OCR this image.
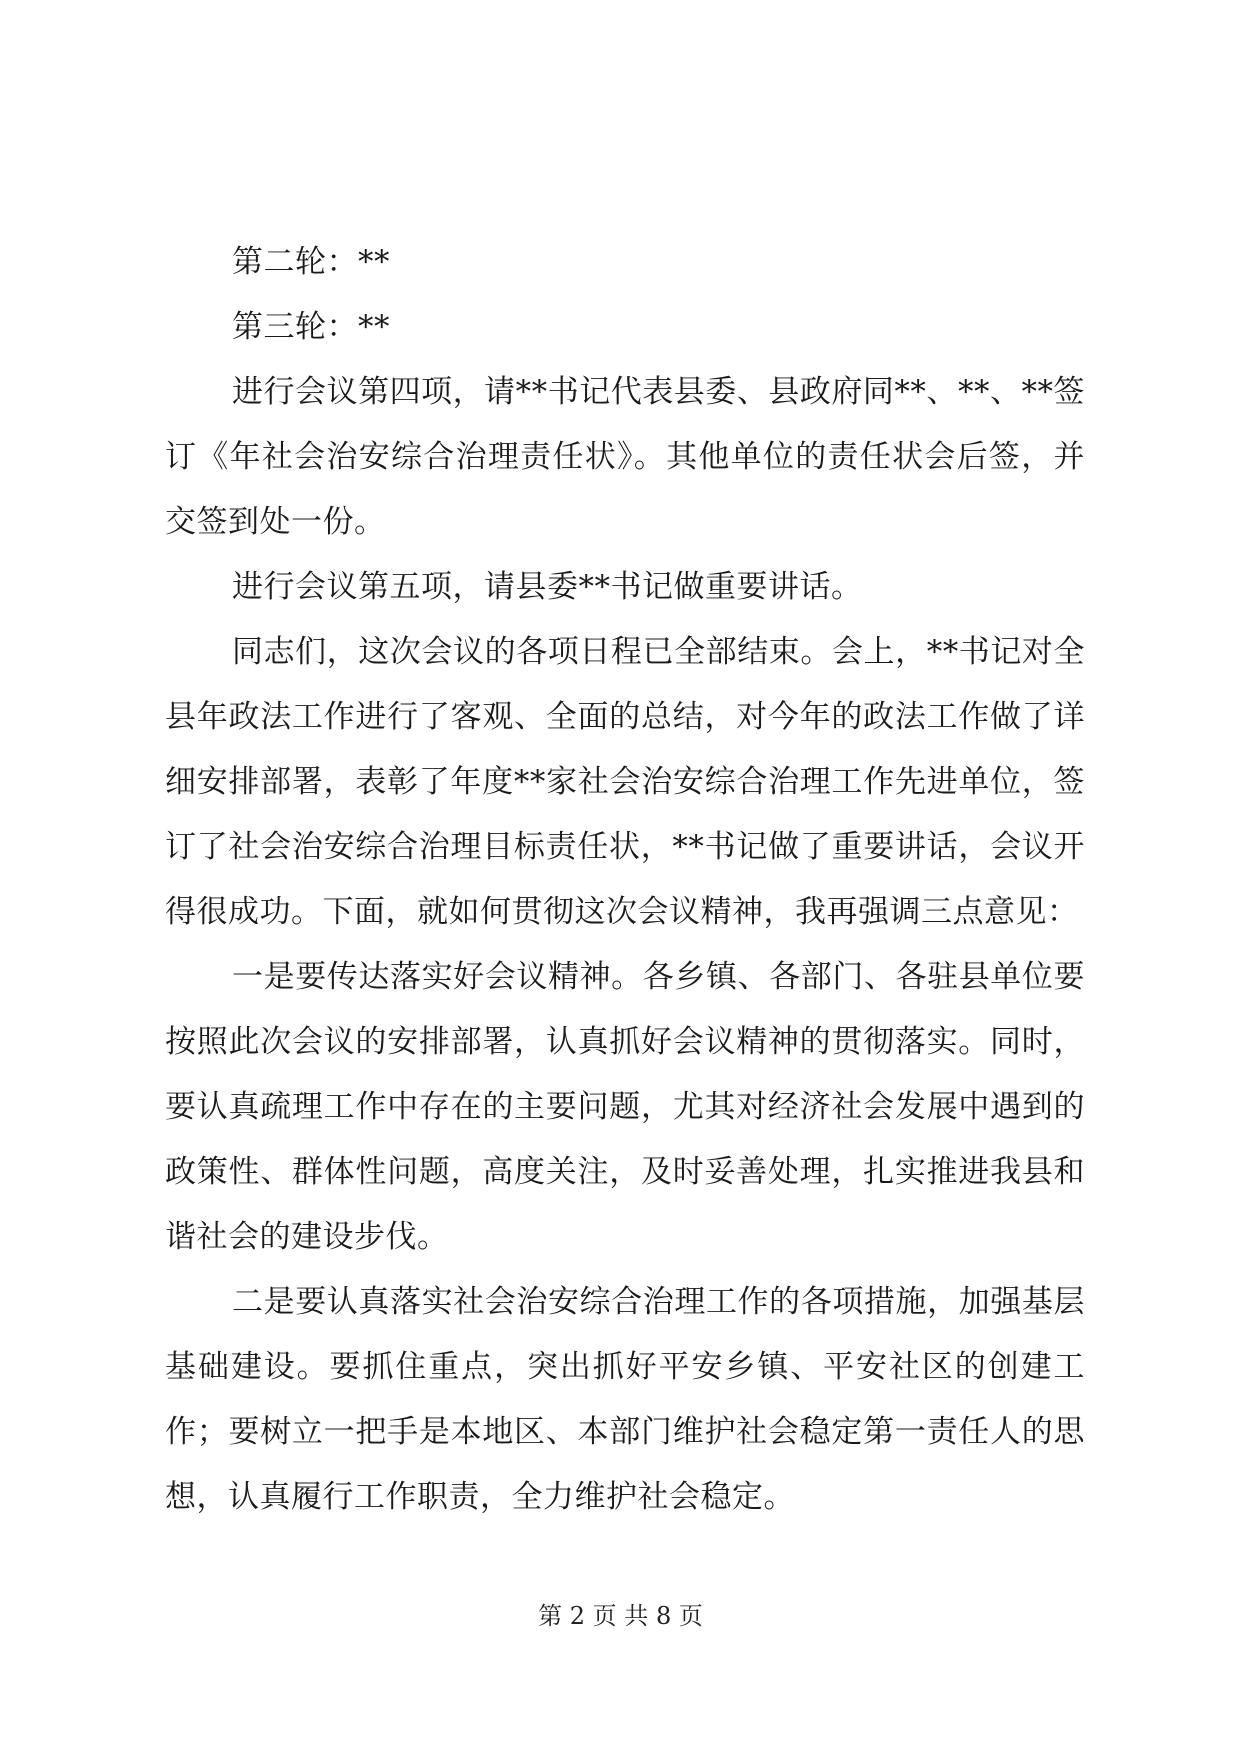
第二轮：**

第三轮：**

进行会议第四项，请**书记代表县委、县政府同**、**、**签订《年社会治安综合治理责任状》。其他单位的责任状会后签，并交签到处一份。

进行会议第五项，请县委**书记做重要讲话。

同志们，这次会议的各项日程已全部结束。会上，**书记对全县年政法工作进行了客观、全面的总结，对今年的政法工作做了详细安排部署，表彰了年度**家社会治安综合治理工作先进单位，签订了社会治安综合治理目标责任状，**书记做了重要讲话，会议开得很成功。下面，就如何贯彻这次会议精神，我再强调三点意见：

一是要传达落实好会议精神。各乡镇、各部门、各驻县单位要按照此次会议的安排部署，认真抓好会议精神的贯彻落实。同时，要认真疏理工作中存在的主要问题，尤其对经济社会发展中遇到的政策性、群体性问题，高度关注，及时妥善处理，扎实推进我县和谐社会的建设步伐。

二是要认真落实社会治安综合治理工作的各项措施，加强基层基础建设。要抓住重点，突出抓好平安乡镇、平安社区的创建工作；要树立一把手是本地区、本部门维护社会稳定第一责任人的思想，认真履行工作职责，全力维护社会稳定。

第 2 页 共 8 页
